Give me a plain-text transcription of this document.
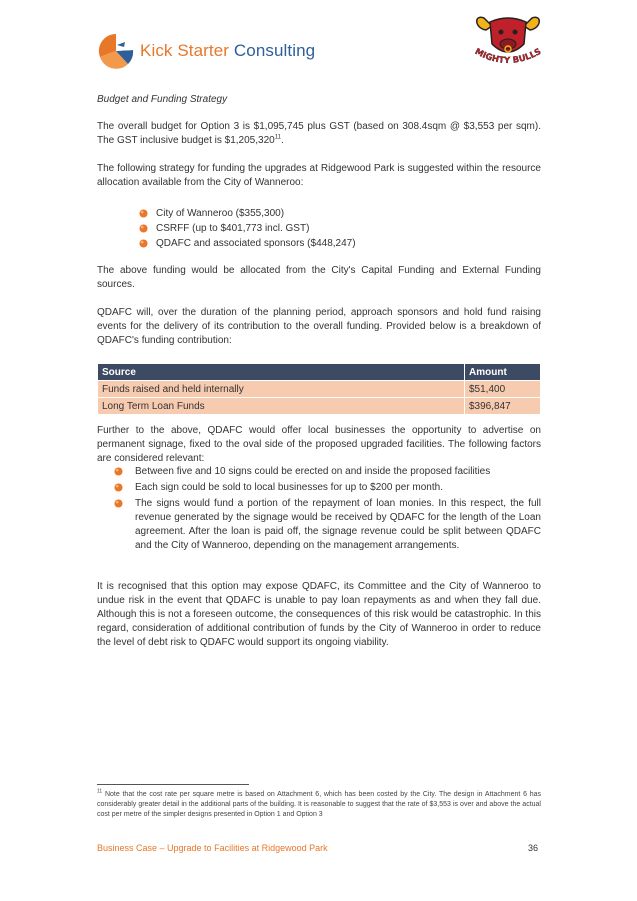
Kick Starter Consulting	MIGHTY BULLS
Budget and Funding Strategy
The overall budget for Option 3 is $1,095,745 plus GST (based on 308.4sqm @ $3,553 per sqm). The GST inclusive budget is $1,205,320$^{11}$.
The following strategy for funding the upgrades at Ridgewood Park is suggested within the resource allocation available from the City of Wanneroo:
City of Wanneroo ($355,300)
CSRFF (up to $401,773 incl. GST)
QDAFC and associated sponsors ($448,247)
The above funding would be allocated from the City's Capital Funding and External Funding sources.
QDAFC will, over the duration of the planning period, approach sponsors and hold fund raising events for the delivery of its contribution to the overall funding. Provided below is a breakdown of QDAFC's funding contribution:
Source	Amount
Funds raised and held internally	$51,400
Long Term Loan Funds	$396,847
Further to the above, QDAFC would offer local businesses the opportunity to advertise on permanent signage, fixed to the oval side of the proposed upgraded facilities. The following factors are considered relevant:
Between five and 10 signs could be erected on and inside the proposed facilities
Each sign could be sold to local businesses for up to $200 per month.
The signs would fund a portion of the repayment of loan monies. In this respect, the full revenue generated by the signage would be received by QDAFC for the length of the Loan agreement. After the loan is paid off, the signage revenue could be split between QDAFC and the City of Wanneroo, depending on the management arrangements.
It is recognised that this option may expose QDAFC, its Committee and the City of Wanneroo to undue risk in the event that QDAFC is unable to pay loan repayments as and when they fall due. Although this is not a foreseen outcome, the consequences of this risk would be catastrophic. In this regard, consideration of additional contribution of funds by the City of Wanneroo in order to reduce the level of debt risk to QDAFC would support its ongoing viability.
$^{11}$ Note that the cost rate per square metre is based on Attachment 6, which has been costed by the City. The design in Attachment 6 has considerably greater detail in the additional parts of the building. It is reasonable to suggest that the rate of $3,553 is over and above the actual cost per metre of the simpler designs presented in Option 1 and Option 3
Business Case – Upgrade to Facilities at Ridgewood Park	36
